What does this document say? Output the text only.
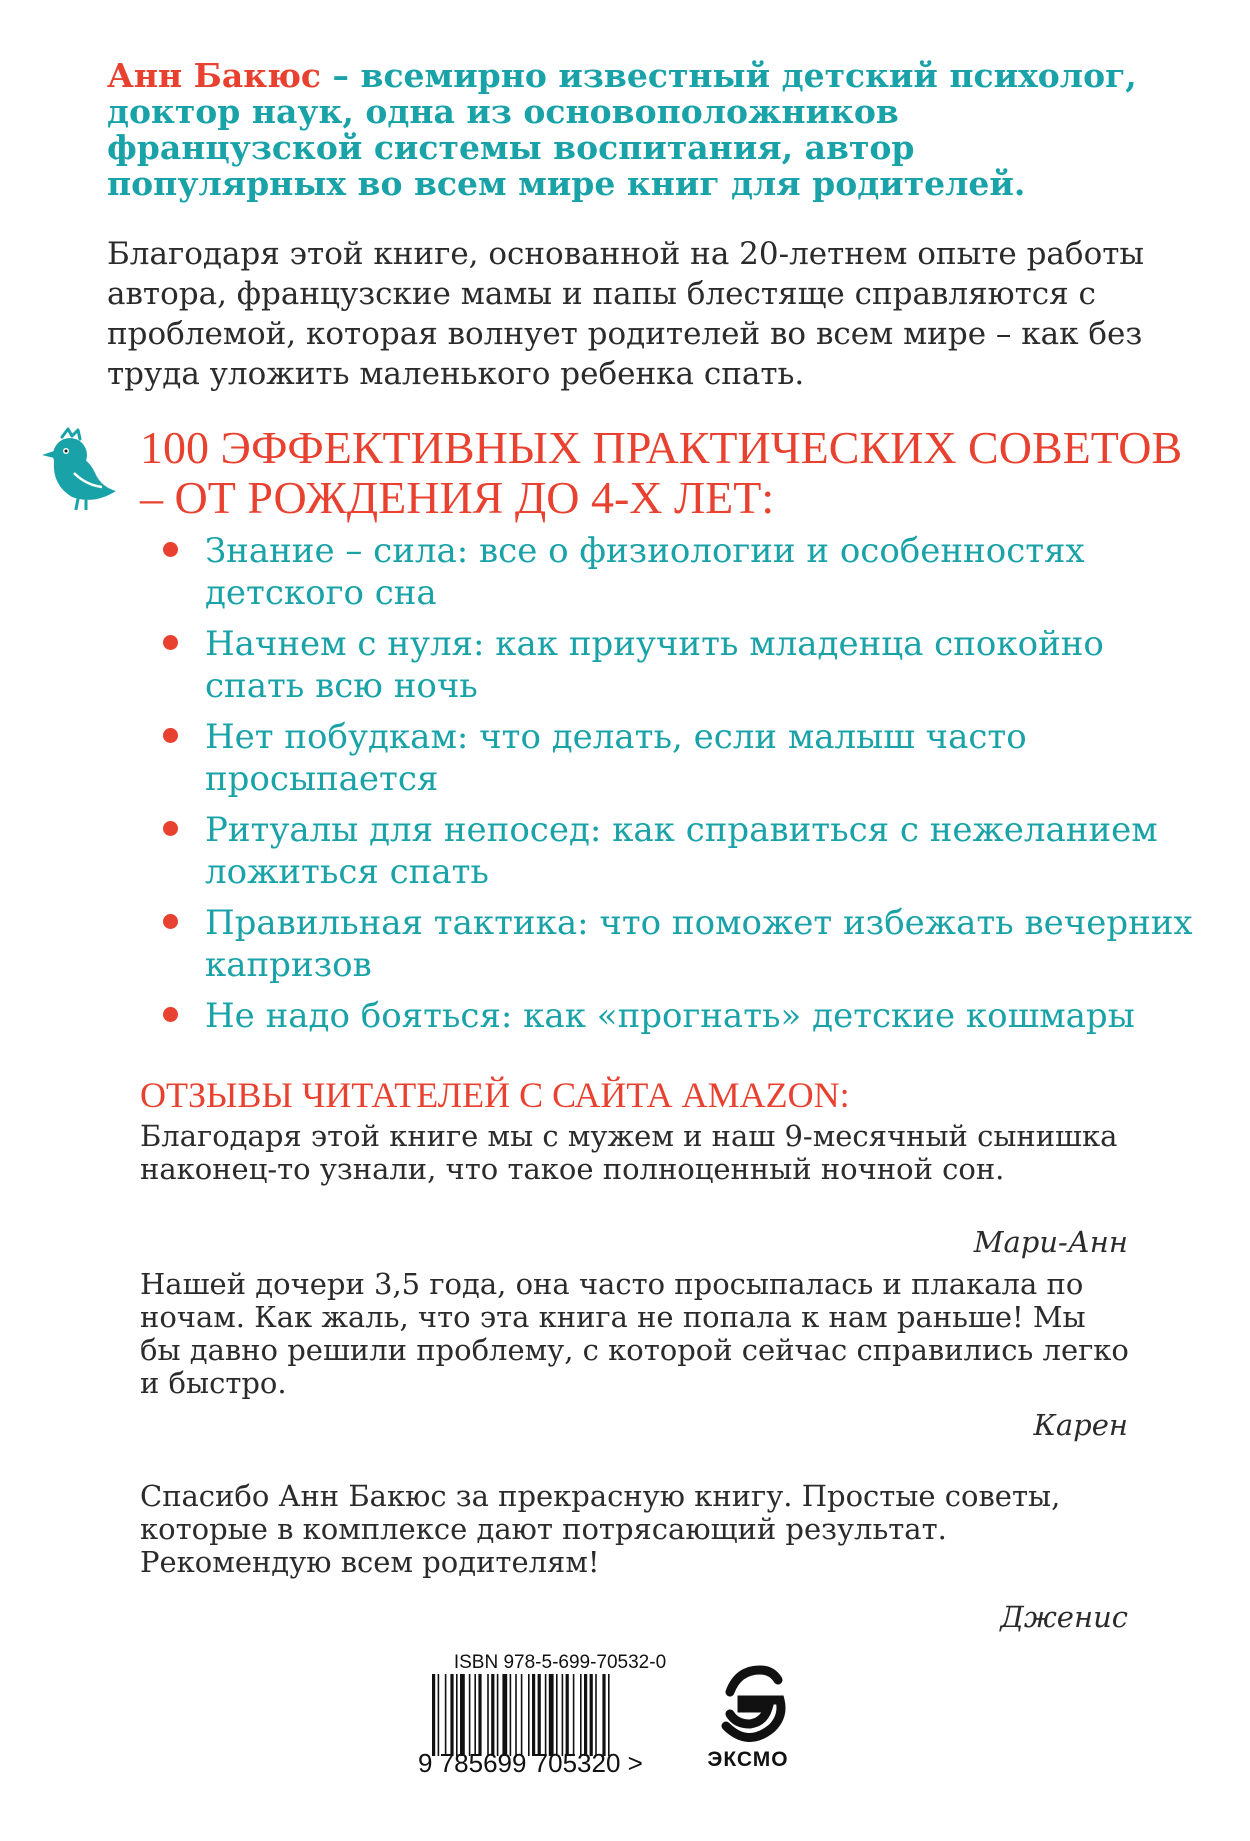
Анн Бакюс – всемирно известный детский психолог, доктор наук, одна из основоположников французской системы воспитания, автор популярных во всем мире книг для родителей.
Благодаря этой книге, основанной на 20-летнем опыте работы автора, французские мамы и папы блестяще справляются с проблемой, которая волнует родителей во всем мире – как без труда уложить маленького ребенка спать.
100 ЭФФЕКТИВНЫХ ПРАКТИЧЕСКИХ СОВЕТОВ – ОТ РОЖДЕНИЯ ДО 4-Х ЛЕТ:
Знание – сила: все о физиологии и особенностях детского сна
Начнем с нуля: как приучить младенца спокойно спать всю ночь
Нет побудкам: что делать, если малыш часто просыпается
Ритуалы для непосед: как справиться с нежеланием ложиться спать
Правильная тактика: что поможет избежать вечерних капризов
Не надо бояться: как «прогнать» детские кошмары
ОТЗЫВЫ ЧИТАТЕЛЕЙ С САЙТА AMAZON:
Благодаря этой книге мы с мужем и наш 9-месячный сынишка наконец-то узнали, что такое полноценный ночной сон.
Мари-Анн
Нашей дочери 3,5 года, она часто просыпалась и плакала по ночам. Как жаль, что эта книга не попала к нам раньше! Мы бы давно решили проблему, с которой сейчас справились легко и быстро.
Карен
Спасибо Анн Бакюс за прекрасную книгу. Простые советы, которые в комплексе дают потрясающий результат. Рекомендую всем родителям!
Дженис
ISBN 978-5-699-70532-0
9 785699 705320 >	ЭКСМО
